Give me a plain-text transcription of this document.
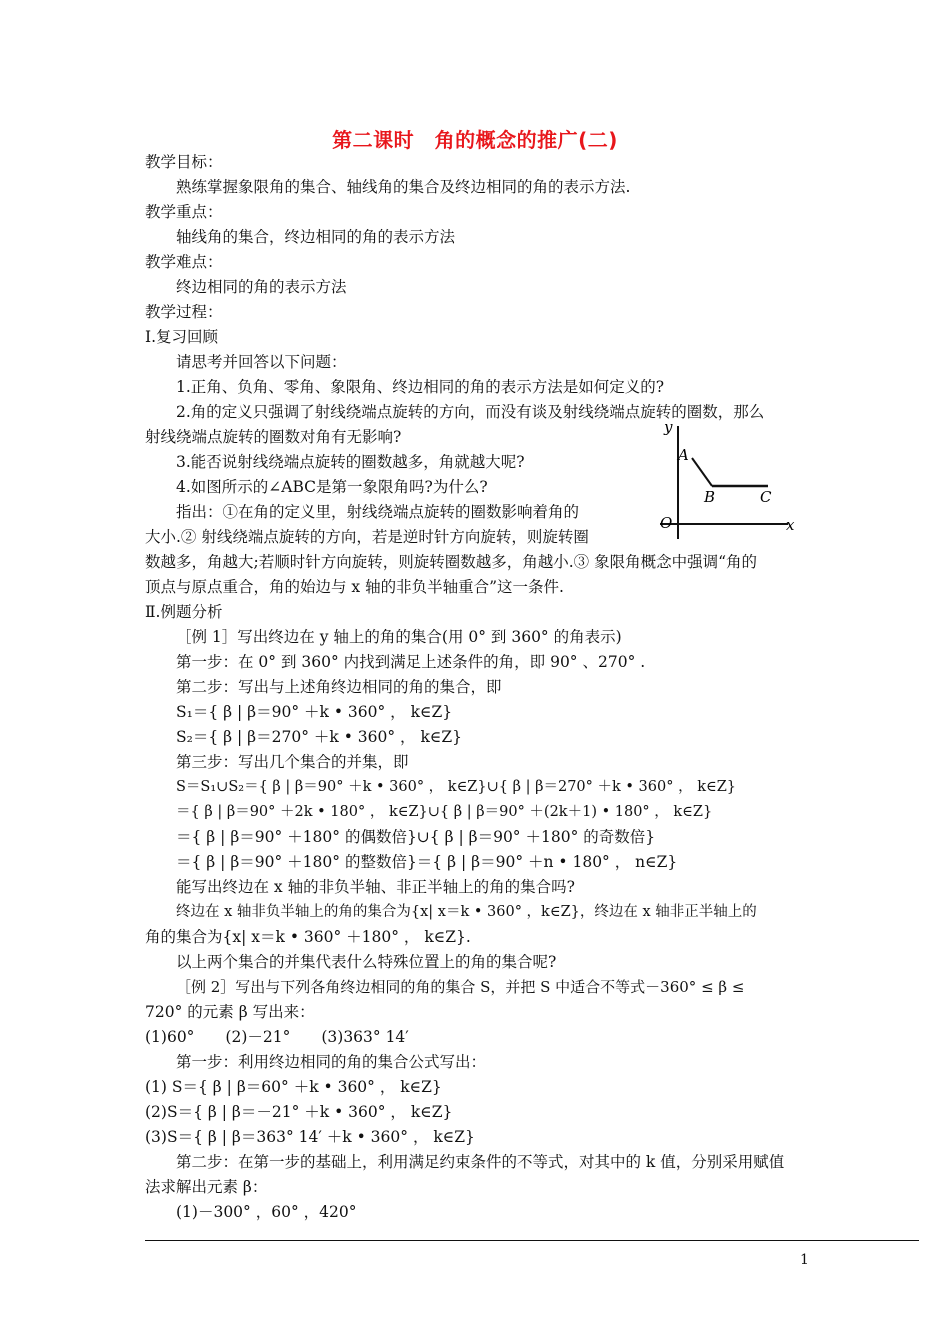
第二课时　角的概念的推广(二)
教学目标：
熟练掌握象限角的集合、轴线角的集合及终边相同的角的表示方法.
教学重点：
轴线角的集合，终边相同的角的表示方法
教学难点：
终边相同的角的表示方法
教学过程：
Ⅰ.复习回顾
请思考并回答以下问题：
1.正角、负角、零角、象限角、终边相同的角的表示方法是如何定义的?
2.角的定义只强调了射线绕端点旋转的方向，而没有谈及射线绕端点旋转的圈数，那么
射线绕端点旋转的圈数对角有无影响?
3.能否说射线绕端点旋转的圈数越多，角就越大呢?
4.如图所示的∠ABC是第一象限角吗?为什么?
指出：①在角的定义里，射线绕端点旋转的圈数影响着角的
大小.② 射线绕端点旋转的方向，若是逆时针方向旋转，则旋转圈
数越多，角越大;若顺时针方向旋转，则旋转圈数越多，角越小.③ 象限角概念中强调“角的
顶点与原点重合，角的始边与 x 轴的非负半轴重合”这一条件.
Ⅱ.例题分析
［例 1］写出终边在 y 轴上的角的集合(用 0° 到 360° 的角表示)
第一步：在 0° 到 360° 内找到满足上述条件的角，即 90° 、270° .
第二步：写出与上述角终边相同的角的集合，即
S₁＝{ β | β＝90° ＋k • 360° ， k∈Z}
S₂＝{ β | β＝270° ＋k • 360° ， k∈Z}
第三步：写出几个集合的并集，即
S＝S₁∪S₂＝{ β | β＝90° ＋k • 360° ， k∈Z}∪{ β | β＝270° ＋k • 360° ， k∈Z}
＝{ β | β＝90° ＋2k • 180° ， k∈Z}∪{ β | β＝90° ＋(2k＋1) • 180° ， k∈Z}
＝{ β | β＝90° ＋180° 的偶数倍}∪{ β | β＝90° ＋180° 的奇数倍}
＝{ β | β＝90° ＋180° 的整数倍}＝{ β | β＝90° ＋n • 180° ， n∈Z}
能写出终边在 x 轴的非负半轴、非正半轴上的角的集合吗?
终边在 x 轴非负半轴上的角的集合为{x| x＝k • 360° ，k∈Z}，终边在 x 轴非正半轴上的
角的集合为{x| x＝k • 360° ＋180° ， k∈Z}.
以上两个集合的并集代表什么特殊位置上的角的集合呢?
［例 2］写出与下列各角终边相同的角的集合 S，并把 S 中适合不等式－360° ≤ β ≤
720° 的元素 β 写出来：
(1)60°　　(2)－21°　　(3)363° 14′
第一步：利用终边相同的角的集合公式写出：
(1) S＝{ β | β＝60° ＋k • 360° ， k∈Z}
(2)S＝{ β | β＝－21° ＋k • 360° ， k∈Z}
(3)S＝{ β | β＝363° 14′ ＋k • 360° ， k∈Z}
第二步：在第一步的基础上，利用满足约束条件的不等式，对其中的 k 值，分别采用赋值
法求解出元素 β：
(1)－300° ，60° ，420°
y
x
O
A
B	C
1
